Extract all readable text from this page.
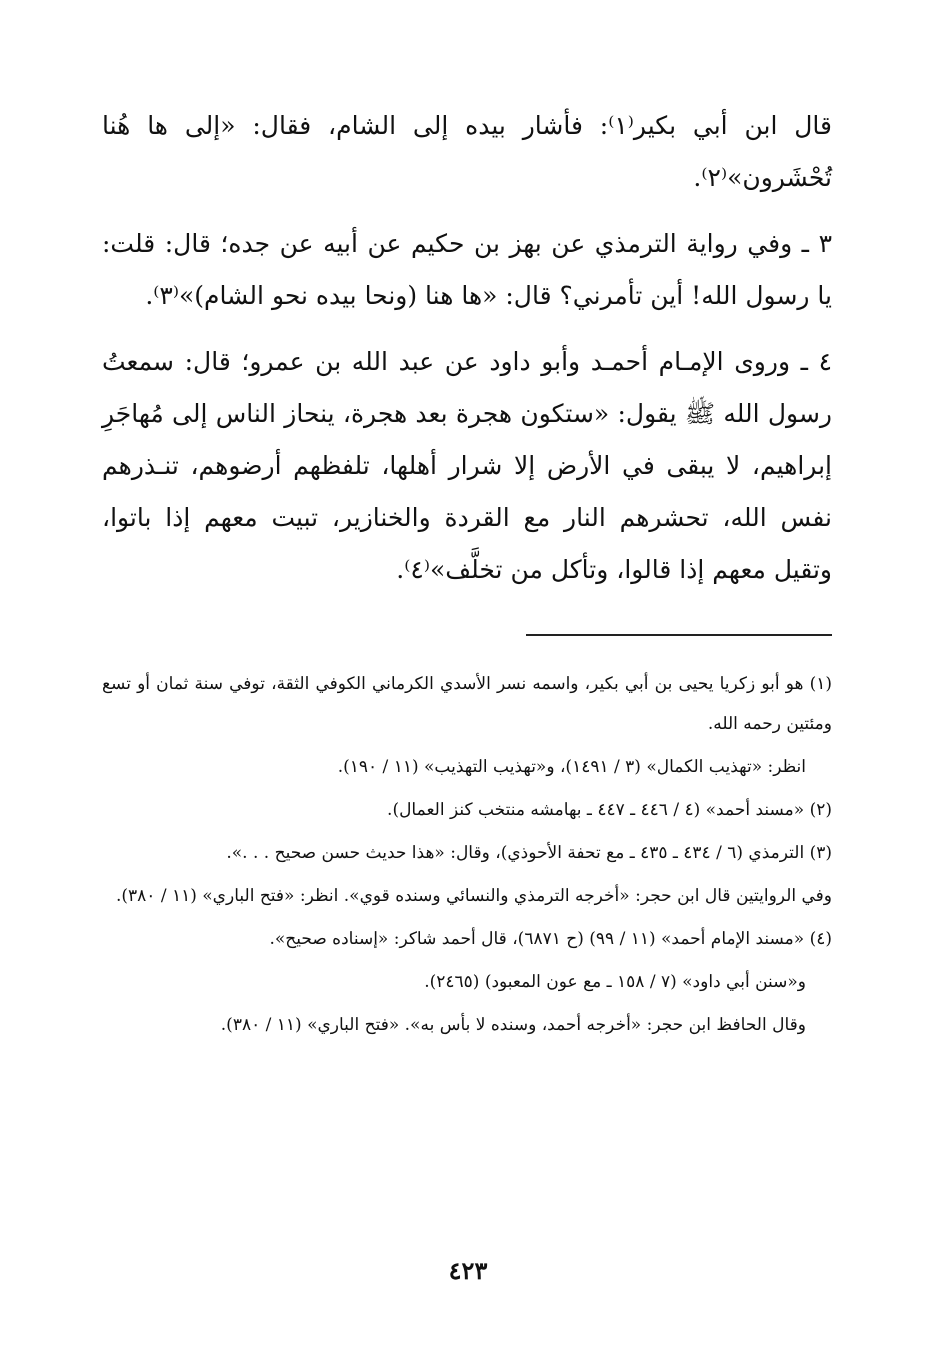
قال ابن أبي بكير⁽١⁾: فأشار بيده إلى الشام، فقال: «إلى ها هُنا تُحْشَرون»⁽٢⁾.

٣ ـ وفي رواية الترمذي عن بهز بن حكيم عن أبيه عن جده؛ قال: قلت: يا رسول الله! أين تأمرني؟ قال: «ها هنا (ونحا بيده نحو الشام)»⁽٣⁾.

٤ ـ وروى الإمـام أحمـد وأبو داود عن عبد الله بن عمرو؛ قال: سمعتُ رسول الله ﷺ يقول: «ستكون هجرة بعد هجرة، ينحاز الناس إلى مُهاجَرِ إبراهيم، لا يبقى في الأرض إلا شرار أهلها، تلفظهم أرضوهم، تنـذرهم نفس الله، تحشرهم النار مع القردة والخنازير، تبيت معهم إذا باتوا، وتقيل معهم إذا قالوا، وتأكل من تخلَّف»⁽٤⁾.

(١) هو أبو زكريا يحيى بن أبي بكير، واسمه نسر الأسدي الكرماني الكوفي الثقة، توفي سنة ثمان أو تسع ومئتين رحمه الله.

انظر: «تهذيب الكمال» (٣ / ١٤٩١)، و«تهذيب التهذيب» (١١ / ١٩٠).

(٢) «مسند أحمد» (٤ / ٤٤٦ ـ ٤٤٧ ـ بهامشه منتخب كنز العمال).

(٣) الترمذي (٦ / ٤٣٤ ـ ٤٣٥ ـ مع تحفة الأحوذي)، وقال: «هذا حديث حسن صحيح . . .».

وفي الروايتين قال ابن حجر: «أخرجه الترمذي والنسائي وسنده قوي». انظر: «فتح الباري» (١١ / ٣٨٠).

(٤) «مسند الإمام أحمد» (١١ / ٩٩) (ح ٦٨٧١)، قال أحمد شاكر: «إسناده صحيح».

و«سنن أبي داود» (٧ / ١٥٨ ـ مع عون المعبود) (٢٤٦٥).

وقال الحافظ ابن حجر: «أخرجه أحمد، وسنده لا بأس به». «فتح الباري» (١١ / ٣٨٠).

٤٢٣
